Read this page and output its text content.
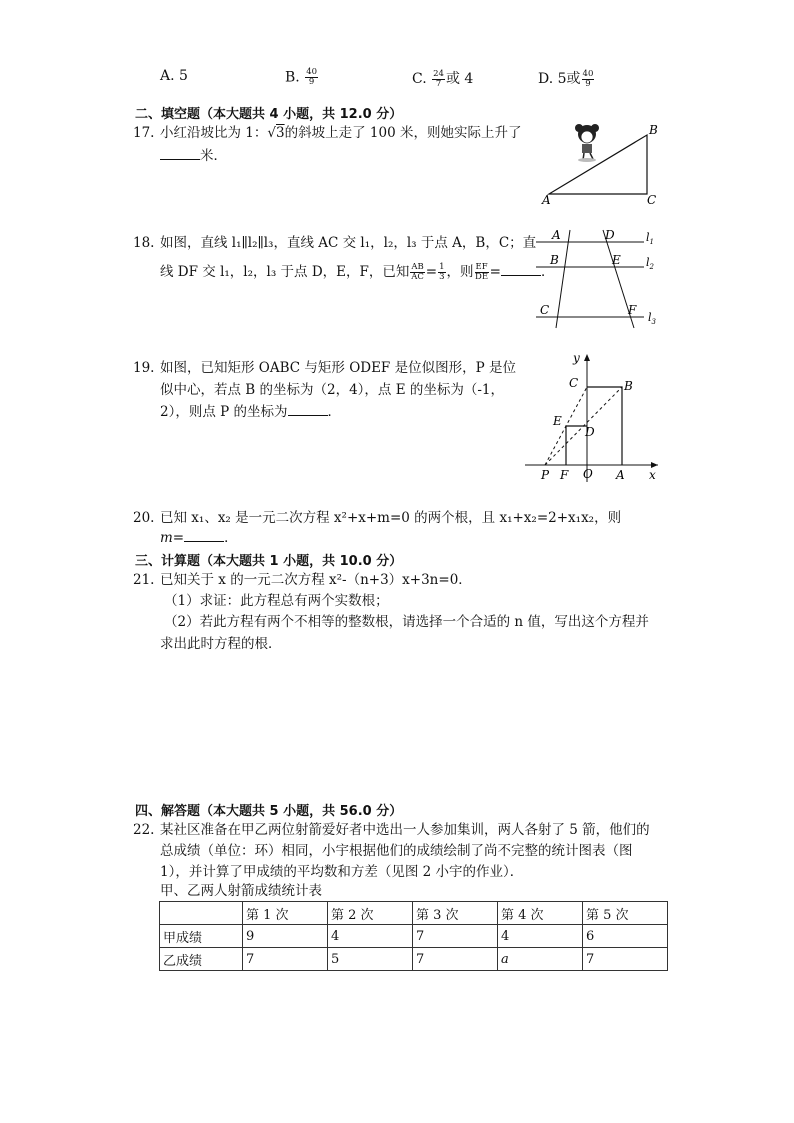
A. 5	B. $\frac{40}{9}$	C. $\frac{24}{7}$ 或 4	D. 5或 $\frac{40}{9}$
二、填空题（本大题共 4 小题，共 12.0 分）
17. 小红沿坡比为 1：√3的斜坡上走了 100 米，则她实际上升了
米．
B
A	C
18. 如图，直线 l₁∥l₂∥l₃，直线 AC 交 l₁，l₂，l₃ 于点 A，B，C；直
线 DF 交 l₁，l₂，l₃ 于点 D，E，F，已知 $\frac{AB}{AC} = \frac{1}{3}$ ，则 $\frac{EF}{DE}$ =	．
A	D	$l_1$
B	E $l_2$
C	F
$l_3$
19. 如图，已知矩形 OABC 与矩形 ODEF 是位似图形，P 是位
似中心，若点 B 的坐标为（2，4），点 E 的坐标为（-1，
2），则点 P 的坐标为	．
y
x
C	B
E
D
P F O A
20. 已知 x₁、x₂ 是一元二次方程 x²+x+m=0 的两个根，且 x₁+x₂=2+x₁x₂，则
m=	．
三、计算题（本大题共 1 小题，共 10.0 分）
21. 已知关于 x 的一元二次方程 x²-（n+3）x+3n=0．
（1）求证：此方程总有两个实数根；
（2）若此方程有两个不相等的整数根，请选择一个合适的 n 值，写出这个方程并
求出此时方程的根．
四、解答题（本大题共 5 小题，共 56.0 分）
22. 某社区准备在甲乙两位射箭爱好者中选出一人参加集训，两人各射了 5 箭，他们的
总成绩（单位：环）相同，小宇根据他们的成绩绘制了尚不完整的统计图表（图
1），并计算了甲成绩的平均数和方差（见图 2 小宇的作业）．
甲、乙两人射箭成绩统计表
	第 1 次	第 2 次	第 3 次	第 4 次	第 5 次
甲成绩	9	4	7	4	6
乙成绩	7	5	7	a	7
